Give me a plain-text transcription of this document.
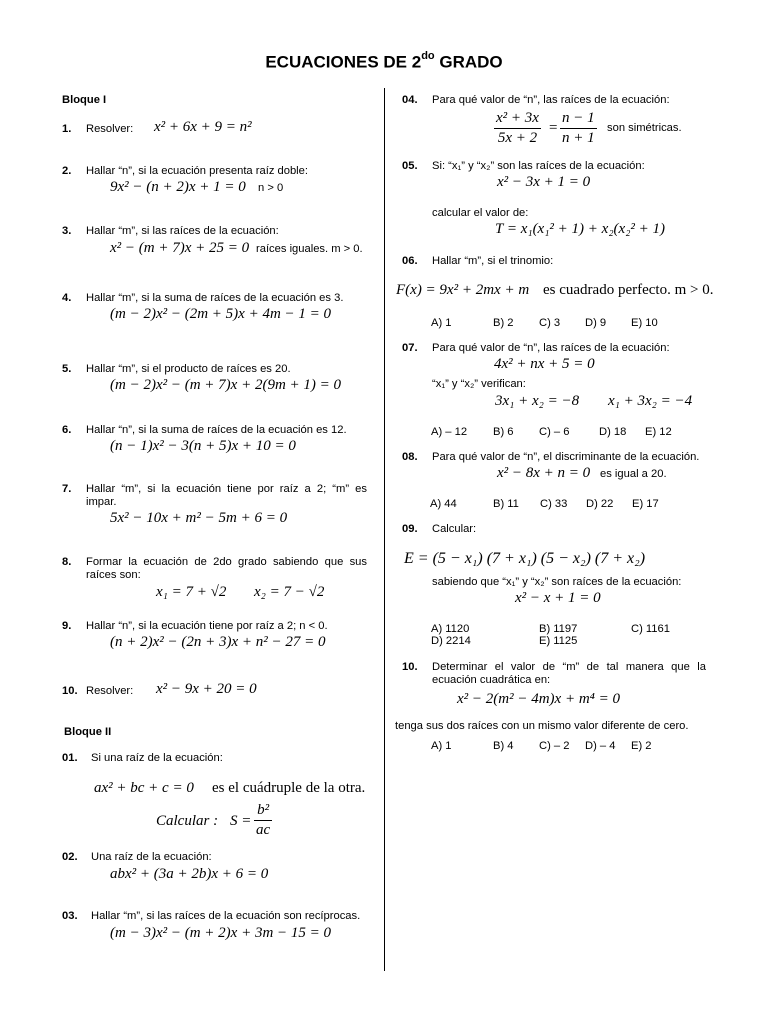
ECUACIONES DE $2^{do}$ GRADO
Bloque I
1. Resolver: x² + 6x + 9 = n²
2. Hallar “n”, si la ecuación presenta raíz doble:
9x² − (n + 2)x + 1 = 0 n > 0
3. Hallar “m”, si las raíces de la ecuación:
x² − (m + 7)x + 25 = 0 raíces iguales. m > 0.
4. Hallar “m”, si la suma de raíces de la ecuación es 3.
(m − 2)x² − (2m + 5)x + 4m − 1 = 0
5. Hallar “m”, si el producto de raíces es 20.
(m − 2)x² − (m + 7)x + 2(9m + 1) = 0
6. Hallar “n”, si la suma de raíces de la ecuación es 12.
(n − 1)x² − 3(n + 5)x + 10 = 0
7. Hallar “m”, si la ecuación tiene por raíz a 2; “m” es impar.
5x² − 10x + m² − 5m + 6 = 0
8. Formar la ecuación de 2do grado sabiendo que sus raíces son:
x₁ = 7 + √2 x₂ = 7 − √2
9. Hallar “n”, si la ecuación tiene por raíz a 2; n < 0.
(n + 2)x² − (2n + 3)x + n² − 27 = 0
10. Resolver: x² − 9x + 20 = 0
Bloque II
01. Si una raíz de la ecuación:
ax² + bc + c = 0 es el cuádruple de la otra.
Calcular : $S = \frac{\text{b²}}{ac}$
02. Una raíz de la ecuación:
abx² + (3a + 2b)x + 6 = 0
03. Hallar “m”, si las raíces de la ecuación son recíprocas.
(m − 3)x² − (m + 2)x + 3m − 15 = 0
04. Para qué valor de “n”, las raíces de la ecuación:
$\frac{\text{x² + 3x}}{5x + 2} = \frac{n - 1}{n + 1}$ son simétricas.
05. Si: “x₁” y “x₂” son las raíces de la ecuación:
x² − 3x + 1 = 0
calcular el valor de:
T = x₁(x₁² + 1) + x₂(x₂² + 1)
06. Hallar “m”, si el trinomio:
F(x) = 9x² + 2mx + m es cuadrado perfecto. m > 0.
A) 1	B) 2 C) 3 D) 9 E) 10
07. Para qué valor de “n”, las raíces de la ecuación:
4x² + nx + 5 = 0
“x₁” y “x₂” verifican:
3x₁ + x₂ = −8 x₁ + 3x₂ = −4
A) – 12 B) 6 C) – 6	D) 18 E) 12
08. Para qué valor de “n”, el discriminante de la ecuación.
x² − 8x + n = 0 es igual a 20.
A) 44	B) 11 C) 33 D) 22 E) 17
09. Calcular:
E = (5 − x₁) (7 + x₁) (5 − x₂) (7 + x₂)
sabiendo que “x₁” y “x₂” son raíces de la ecuación:
x² − x + 1 = 0
A) 1120	B) 1197	C) 1161
D) 2214	E) 1125
10. Determinar el valor de “m” de tal manera que la ecuación cuadrática en:
x² − 2(m² − 4m)x + m⁴ = 0
tenga sus dos raíces con un mismo valor diferente de cero.
A) 1	B) 4 C) – 2 D) – 4 E) 2
